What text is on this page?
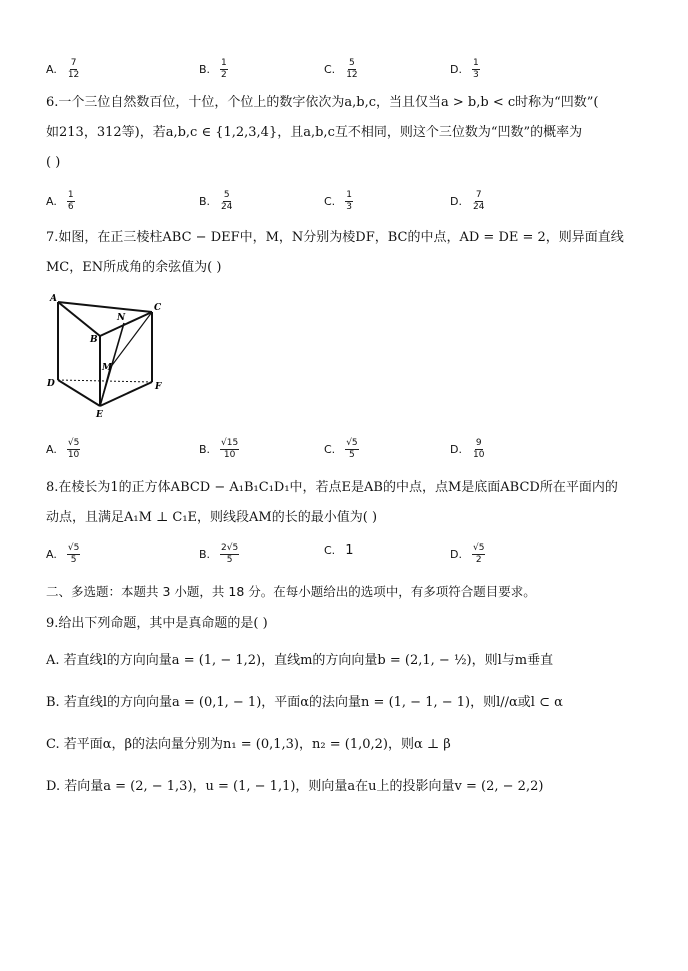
A. $\frac{7}{12}$	B. $\frac{1}{2}$	C. $\frac{5}{12}$	D. $\frac{1}{3}$
6.一个三位自然数百位，十位，个位上的数字依次为a,b,c，当且仅当a > b,b < c时称为“凹数”(
如213，312等)，若a,b,c ∈ {1,2,3,4}，且a,b,c互不相同，则这个三位数为“凹数”的概率为
( )
A. $\frac{1}{6}$	B. $\frac{5}{24}$	C. $\frac{1}{3}$	D. $\frac{7}{24}$
7.如图，在正三棱柱ABC − DEF中，M，N分别为棱DF，BC的中点，AD = DE = 2，则异面直线
MC，EN所成角的余弦值为( )
A
B
C
D
E
F
M
N
A. $\frac{√5}{10}$	B. $\frac{√15}{10}$	C. $\frac{√5}{5}$	D. $\frac{9}{10}$
8.在棱长为1的正方体ABCD − A₁B₁C₁D₁中，若点E是AB的中点，点M是底面ABCD所在平面内的
动点，且满足A₁M ⊥ C₁E，则线段AM的长的最小值为( )
A. $\frac{√5}{5}$	B. $\frac{2√5}{5}$	C. 1	D. $\frac{√5}{2}$
二、多选题：本题共 3 小题，共 18 分。在每小题给出的选项中，有多项符合题目要求。
9.给出下列命题，其中是真命题的是( )
A. 若直线l的方向向量a = (1, − 1,2)，直线m的方向向量b = (2,1, − ½)，则l与m垂直
B. 若直线l的方向向量a = (0,1, − 1)，平面α的法向量n = (1, − 1, − 1)，则l//α或l ⊂ α
C. 若平面α，β的法向量分别为n₁ = (0,1,3)，n₂ = (1,0,2)，则α ⊥ β
D. 若向量a = (2, − 1,3)，u = (1, − 1,1)，则向量a在u上的投影向量v = (2, − 2,2)
